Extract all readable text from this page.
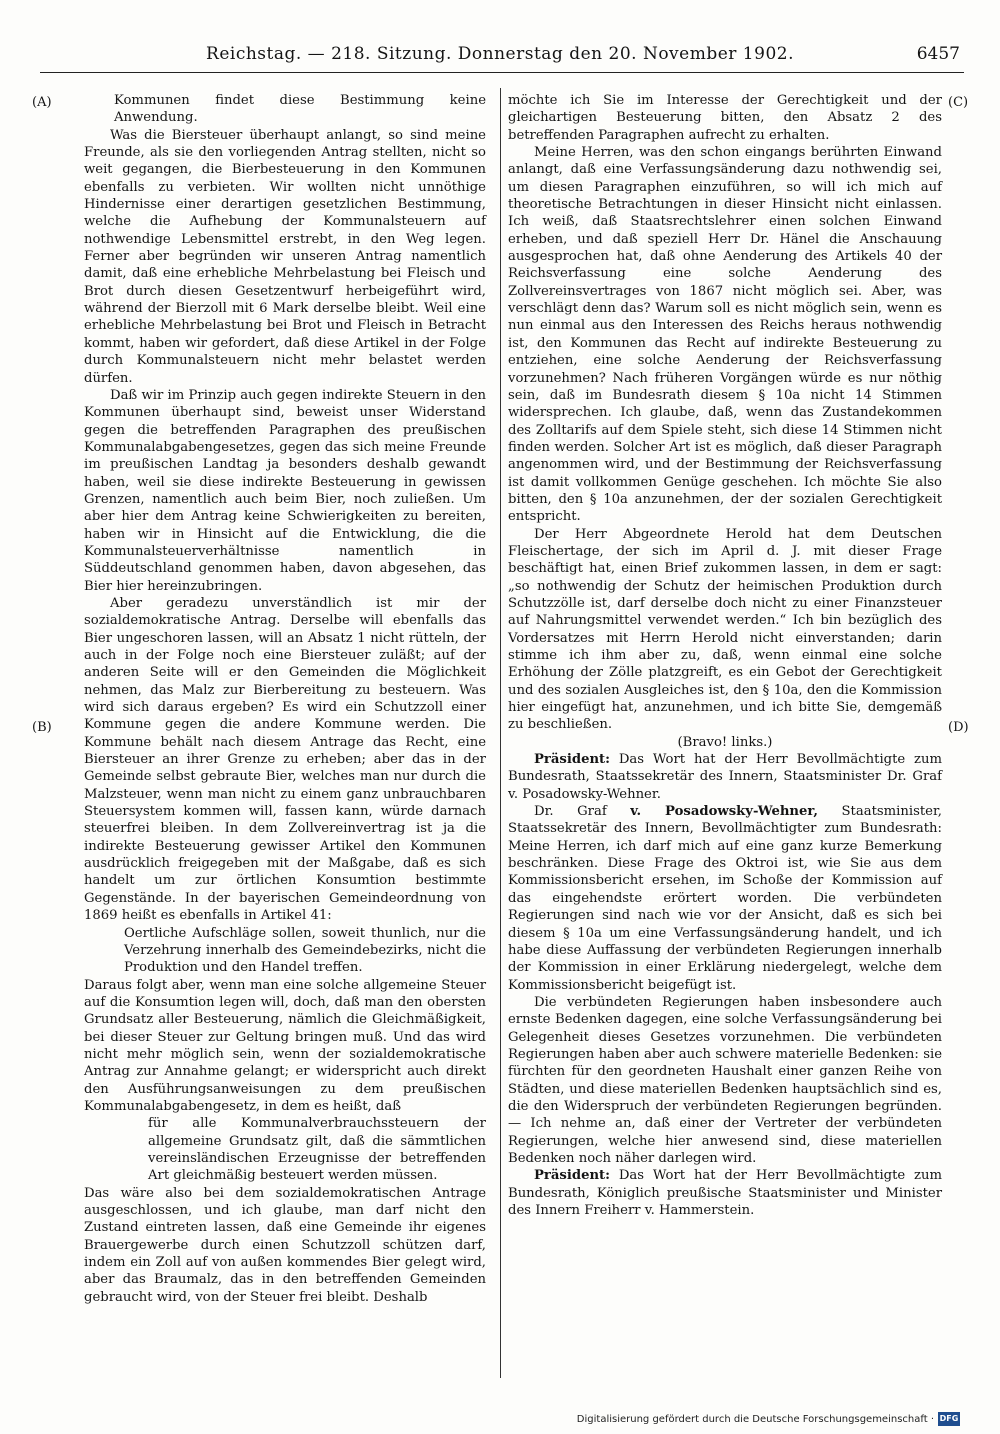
Reichstag. — 218. Sitzung. Donnerstag den 20. November 1902.	6457
(A)
(B)
(C)
(D)

Kommunen findet diese Bestimmung keine Anwendung.

Was die Biersteuer überhaupt anlangt, so sind meine Freunde, als sie den vorliegenden Antrag stellten, nicht so weit gegangen, die Bierbesteuerung in den Kommunen ebenfalls zu verbieten. Wir wollten nicht unnöthige Hindernisse einer derartigen gesetzlichen Bestimmung, welche die Aufhebung der Kommunalsteuern auf nothwendige Lebensmittel erstrebt, in den Weg legen. Ferner aber begründen wir unseren Antrag namentlich damit, daß eine erhebliche Mehrbelastung bei Fleisch und Brot durch diesen Gesetzentwurf herbeigeführt wird, während der Bierzoll mit 6 Mark derselbe bleibt. Weil eine erhebliche Mehrbelastung bei Brot und Fleisch in Betracht kommt, haben wir gefordert, daß diese Artikel in der Folge durch Kommunalsteuern nicht mehr belastet werden dürfen.

Daß wir im Prinzip auch gegen indirekte Steuern in den Kommunen überhaupt sind, beweist unser Widerstand gegen die betreffenden Paragraphen des preußischen Kommunalabgabengesetzes, gegen das sich meine Freunde im preußischen Landtag ja besonders deshalb gewandt haben, weil sie diese indirekte Besteuerung in gewissen Grenzen, namentlich auch beim Bier, noch zuließen. Um aber hier dem Antrag keine Schwierigkeiten zu bereiten, haben wir in Hinsicht auf die Entwicklung, die die Kommunalsteuerverhältnisse namentlich in Süddeutschland genommen haben, davon abgesehen, das Bier hier hereinzubringen.

Aber geradezu unverständlich ist mir der sozialdemokratische Antrag. Derselbe will ebenfalls das Bier ungeschoren lassen, will an Absatz 1 nicht rütteln, der auch in der Folge noch eine Biersteuer zuläßt; auf der anderen Seite will er den Gemeinden die Möglichkeit nehmen, das Malz zur Bierbereitung zu besteuern. Was wird sich daraus ergeben? Es wird ein Schutzzoll einer Kommune gegen die andere Kommune werden. Die Kommune behält nach diesem Antrage das Recht, eine Biersteuer an ihrer Grenze zu erheben; aber das in der Gemeinde selbst gebraute Bier, welches man nur durch die Malzsteuer, wenn man nicht zu einem ganz unbrauchbaren Steuersystem kommen will, fassen kann, würde darnach steuerfrei bleiben. In dem Zollvereinvertrag ist ja die indirekte Besteuerung gewisser Artikel den Kommunen ausdrücklich freigegeben mit der Maßgabe, daß es sich handelt um zur örtlichen Konsumtion bestimmte Gegenstände. In der bayerischen Gemeindeordnung von 1869 heißt es ebenfalls in Artikel 41:

Oertliche Aufschläge sollen, soweit thunlich, nur die Verzehrung innerhalb des Gemeindebezirks, nicht die Produktion und den Handel treffen.

Daraus folgt aber, wenn man eine solche allgemeine Steuer auf die Konsumtion legen will, doch, daß man den obersten Grundsatz aller Besteuerung, nämlich die Gleichmäßigkeit, bei dieser Steuer zur Geltung bringen muß. Und das wird nicht mehr möglich sein, wenn der sozialdemokratische Antrag zur Annahme gelangt; er widerspricht auch direkt den Ausführungsanweisungen zu dem preußischen Kommunalabgabengesetz, in dem es heißt, daß

für alle Kommunalverbrauchssteuern der allgemeine Grundsatz gilt, daß die sämmtlichen vereinsländischen Erzeugnisse der betreffenden Art gleichmäßig besteuert werden müssen.

Das wäre also bei dem sozialdemokratischen Antrage ausgeschlossen, und ich glaube, man darf nicht den Zustand eintreten lassen, daß eine Gemeinde ihr eigenes Brauergewerbe durch einen Schutzzoll schützen darf, indem ein Zoll auf von außen kommendes Bier gelegt wird, aber das Braumalz, das in den betreffenden Gemeinden gebraucht wird, von der Steuer frei bleibt. Deshalb

möchte ich Sie im Interesse der Gerechtigkeit und der gleichartigen Besteuerung bitten, den Absatz 2 des betreffenden Paragraphen aufrecht zu erhalten.

Meine Herren, was den schon eingangs berührten Einwand anlangt, daß eine Verfassungsänderung dazu nothwendig sei, um diesen Paragraphen einzuführen, so will ich mich auf theoretische Betrachtungen in dieser Hinsicht nicht einlassen. Ich weiß, daß Staatsrechtslehrer einen solchen Einwand erheben, und daß speziell Herr Dr. Hänel die Anschauung ausgesprochen hat, daß ohne Aenderung des Artikels 40 der Reichsverfassung eine solche Aenderung des Zollvereinsvertrages von 1867 nicht möglich sei. Aber, was verschlägt denn das? Warum soll es nicht möglich sein, wenn es nun einmal aus den Interessen des Reichs heraus nothwendig ist, den Kommunen das Recht auf indirekte Besteuerung zu entziehen, eine solche Aenderung der Reichsverfassung vorzunehmen? Nach früheren Vorgängen würde es nur nöthig sein, daß im Bundesrath diesem § 10a nicht 14 Stimmen widersprechen. Ich glaube, daß, wenn das Zustandekommen des Zolltarifs auf dem Spiele steht, sich diese 14 Stimmen nicht finden werden. Solcher Art ist es möglich, daß dieser Paragraph angenommen wird, und der Bestimmung der Reichsverfassung ist damit vollkommen Genüge geschehen. Ich möchte Sie also bitten, den § 10a anzunehmen, der der sozialen Gerechtigkeit entspricht.

Der Herr Abgeordnete Herold hat dem Deutschen Fleischertage, der sich im April d. J. mit dieser Frage beschäftigt hat, einen Brief zukommen lassen, in dem er sagt: „so nothwendig der Schutz der heimischen Produktion durch Schutzzölle ist, darf derselbe doch nicht zu einer Finanzsteuer auf Nahrungsmittel verwendet werden.“ Ich bin bezüglich des Vordersatzes mit Herrn Herold nicht einverstanden; darin stimme ich ihm aber zu, daß, wenn einmal eine solche Erhöhung der Zölle platzgreift, es ein Gebot der Gerechtigkeit und des sozialen Ausgleiches ist, den § 10a, den die Kommission hier eingefügt hat, anzunehmen, und ich bitte Sie, demgemäß zu beschließen.

(Bravo! links.)

Präsident: Das Wort hat der Herr Bevollmächtigte zum Bundesrath, Staatssekretär des Innern, Staatsminister Dr. Graf v. Posadowsky-Wehner.

Dr. Graf v. Posadowsky-Wehner, Staatsminister, Staatssekretär des Innern, Bevollmächtigter zum Bundesrath: Meine Herren, ich darf mich auf eine ganz kurze Bemerkung beschränken. Diese Frage des Oktroi ist, wie Sie aus dem Kommissionsbericht ersehen, im Schoße der Kommission auf das eingehendste erörtert worden. Die verbündeten Regierungen sind nach wie vor der Ansicht, daß es sich bei diesem § 10a um eine Verfassungsänderung handelt, und ich habe diese Auffassung der verbündeten Regierungen innerhalb der Kommission in einer Erklärung niedergelegt, welche dem Kommissionsbericht beigefügt ist.

Die verbündeten Regierungen haben insbesondere auch ernste Bedenken dagegen, eine solche Verfassungsänderung bei Gelegenheit dieses Gesetzes vorzunehmen. Die verbündeten Regierungen haben aber auch schwere materielle Bedenken: sie fürchten für den geordneten Haushalt einer ganzen Reihe von Städten, und diese materiellen Bedenken hauptsächlich sind es, die den Widerspruch der verbündeten Regierungen begründen. — Ich nehme an, daß einer der Vertreter der verbündeten Regierungen, welche hier anwesend sind, diese materiellen Bedenken noch näher darlegen wird.

Präsident: Das Wort hat der Herr Bevollmächtigte zum Bundesrath, Königlich preußische Staatsminister und Minister des Innern Freiherr v. Hammerstein.

Digitalisierung gefördert durch die Deutsche Forschungsgemeinschaft · DFG
